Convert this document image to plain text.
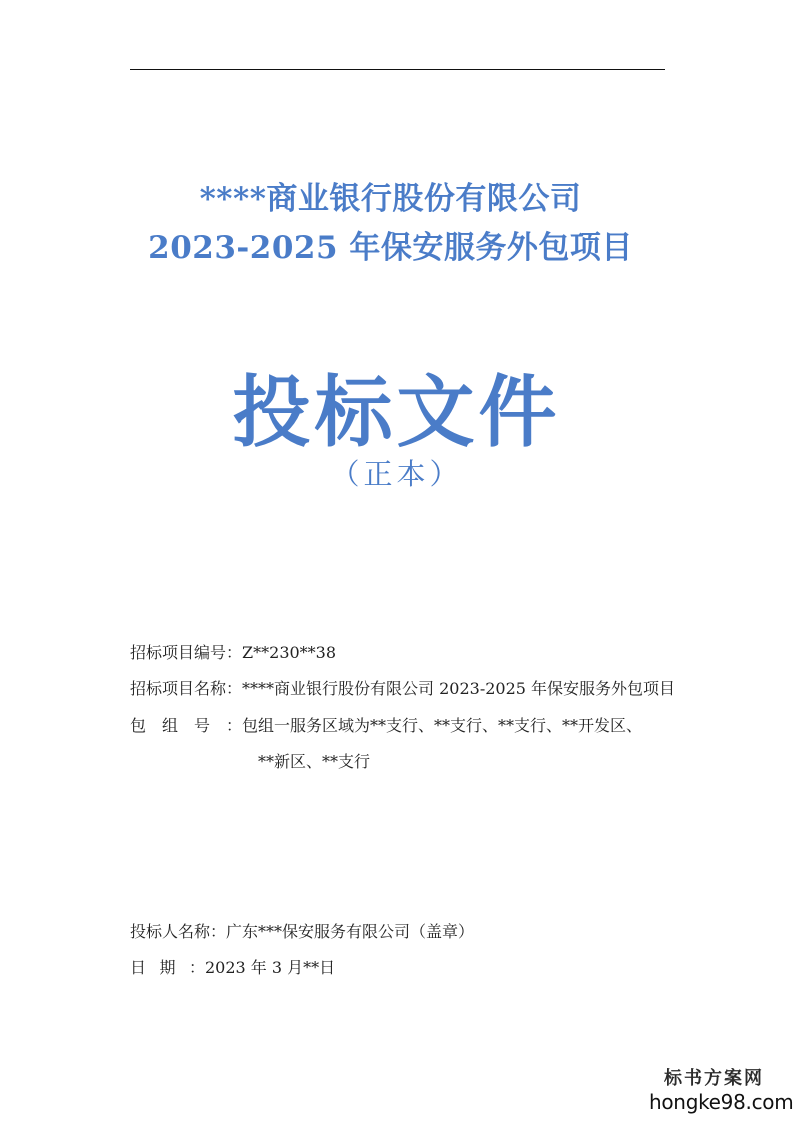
****商业银行股份有限公司
2023-2025 年保安服务外包项目
投标文件
（正本）
招标项目编号：Z**230**38
招标项目名称：****商业银行股份有限公司 2023-2025 年保安服务外包项目
包组号：包组一服务区域为**支行、**支行、**支行、**开发区、
**新区、**支行
投标人名称：广东***保安服务有限公司（盖章）
日期：2023 年 3 月**日
标书方案网
hongke98.com
